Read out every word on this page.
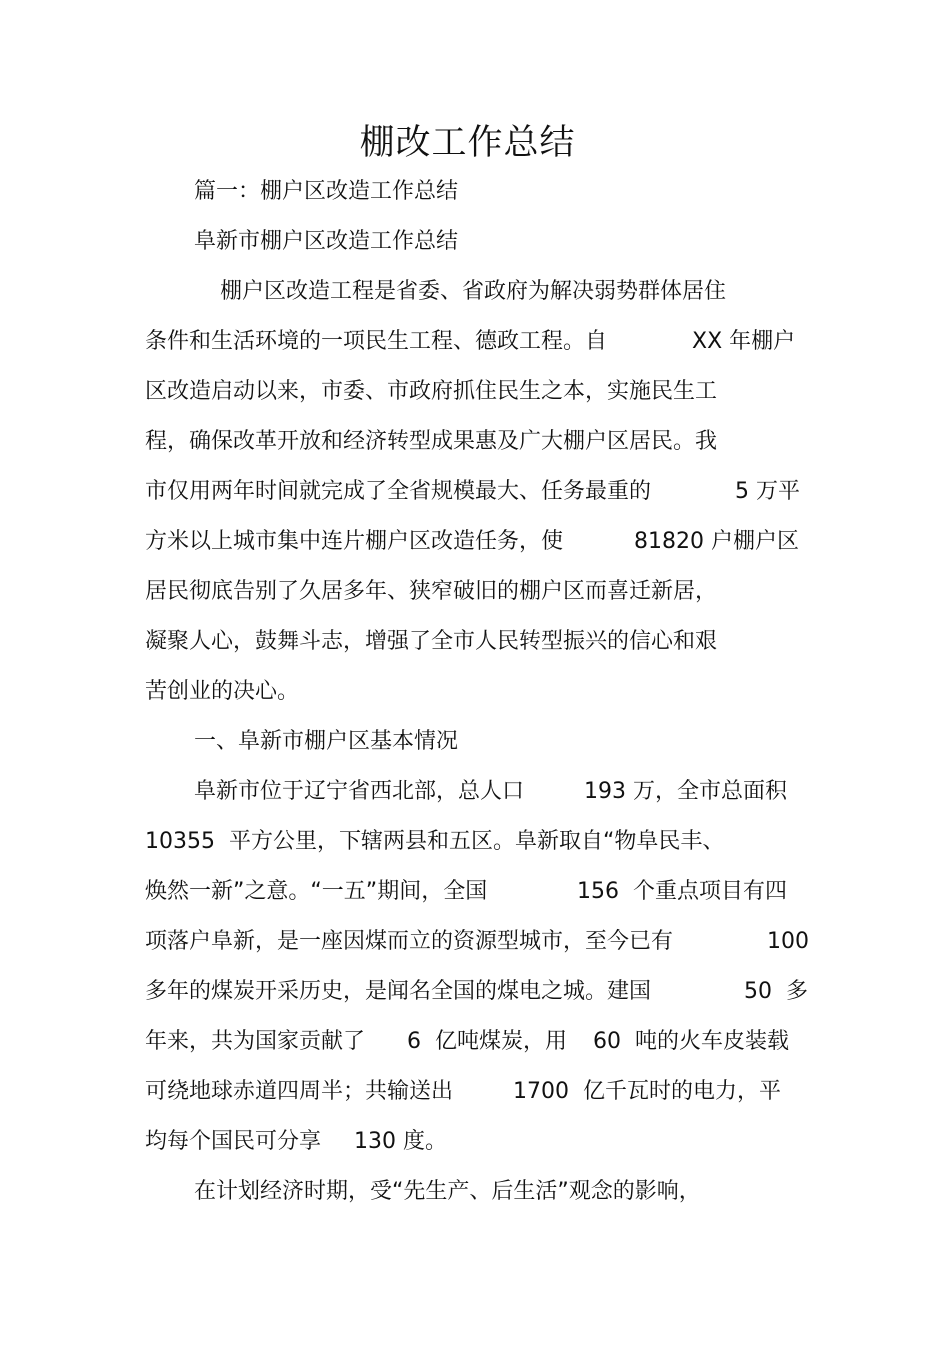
棚改工作总结

篇一：棚户区改造工作总结

阜新市棚户区改造工作总结

棚户区改造工程是省委、省政府为解决弱势群体居住

条件和生活环境的一项民生工程、德政工程。自	XX 年棚户

区改造启动以来，市委、市政府抓住民生之本，实施民生工

程，确保改革开放和经济转型成果惠及广大棚户区居民。我

市仅用两年时间就完成了全省规模最大、任务最重的	5 万平

方米以上城市集中连片棚户区改造任务，使	81820 户棚户区

居民彻底告别了久居多年、狭窄破旧的棚户区而喜迁新居，

凝聚人心，鼓舞斗志，增强了全市人民转型振兴的信心和艰

苦创业的决心。

一、阜新市棚户区基本情况

阜新市位于辽宁省西北部，总人口	193 万，全市总面积

10355  平方公里，下辖两县和五区。阜新取自“物阜民丰、

焕然一新”之意。“一五”期间，全国	156  个重点项目有四

项落户阜新，是一座因煤而立的资源型城市，至今已有	100

多年的煤炭开采历史，是闻名全国的煤电之城。建国	50  多

年来，共为国家贡献了 6  亿吨煤炭，用 60  吨的火车皮装载

可绕地球赤道四周半；共输送出	1700  亿千瓦时的电力，平

均每个国民可分享 130 度。

在计划经济时期，受“先生产、后生活”观念的影响，
